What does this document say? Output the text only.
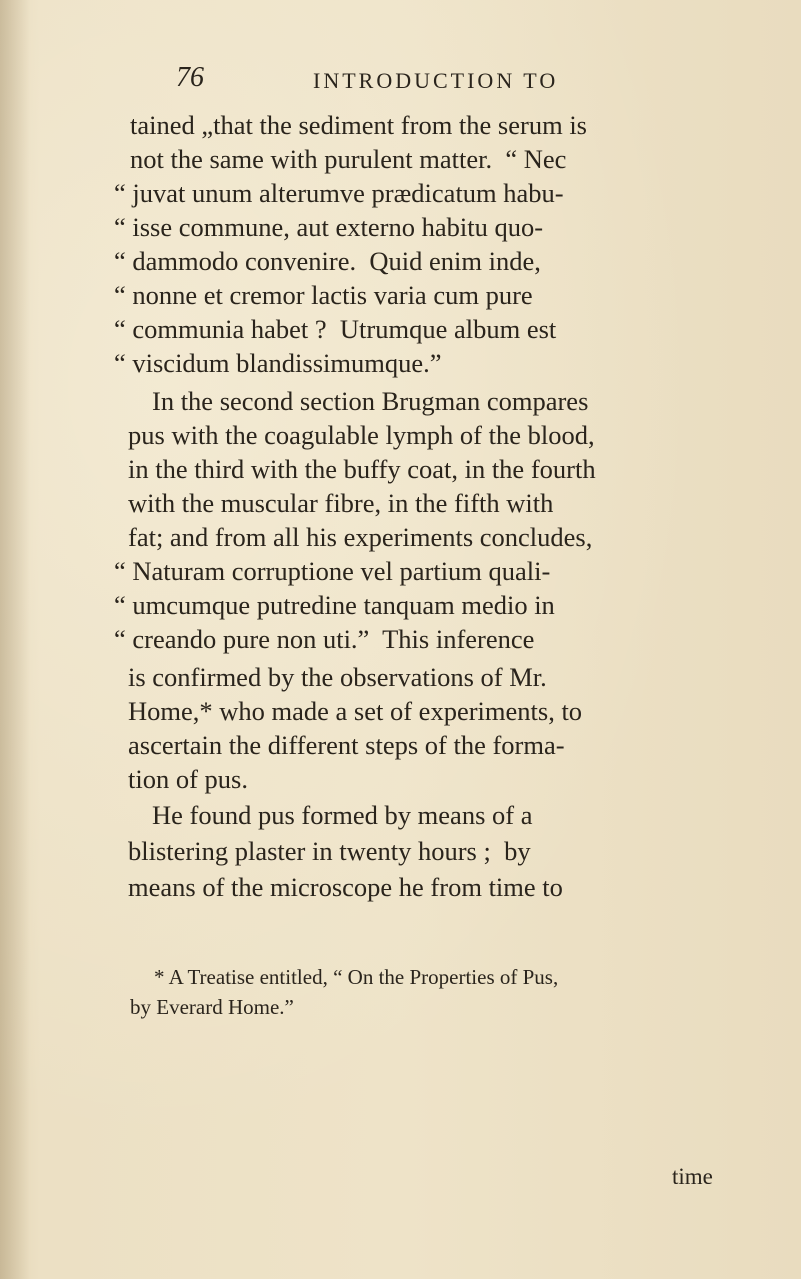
76	INTRODUCTION TO
tained „that the sediment from the serum is
not the same with purulent matter.  “ Nec
“ juvat unum alterumve prædicatum habu-
“ isse commune, aut externo habitu quo-
“ dammodo convenire.  Quid enim inde,
“ nonne et cremor lactis varia cum pure
“ communia habet ?  Utrumque album est
“ viscidum blandissimumque.”
In the second section Brugman compares
pus with the coagulable lymph of the blood,
in the third with the buffy coat, in the fourth
with the muscular fibre, in the fifth with
fat; and from all his experiments concludes,
“ Naturam corruptione vel partium quali-
“ umcumque putredine tanquam medio in
“ creando pure non uti.”  This inference
is confirmed by the observations of Mr.
Home,* who made a set of experiments, to
ascertain the different steps of the forma-
tion of pus.
He found pus formed by means of a
blistering plaster in twenty hours ;  by
means of the microscope he from time to
* A Treatise entitled, “ On the Properties of Pus,
by Everard Home.”
time
